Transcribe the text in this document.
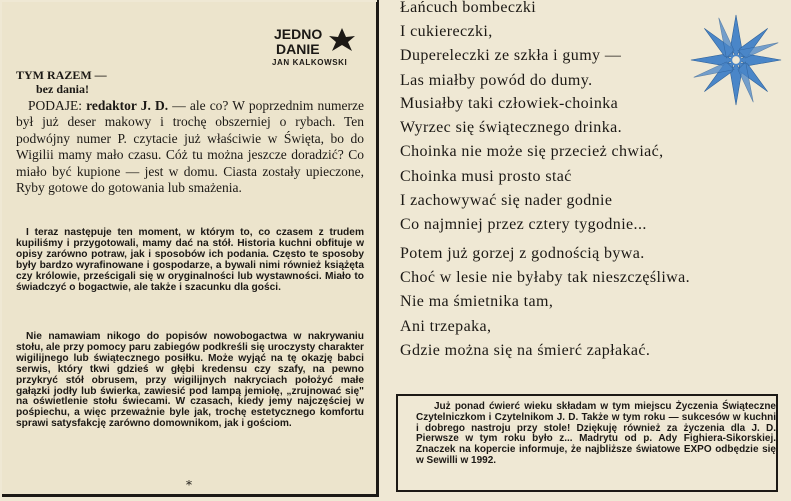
JEDNO
DANIE
JAN KALKOWSKI
TYM RAZEM —
bez dania!

PODAJE: redaktor J. D. — ale co? W poprzednim numerze był już deser makowy i trochę obszerniej o rybach. Ten podwójny numer P. czytacie już właściwie w Święta, bo do Wigilii mamy mało czasu. Cóż tu można jeszcze doradzić? Co miało być kupione — jest w domu. Ciasta zostały upieczone, Ryby gotowe do gotowania lub smażenia.

I teraz następuje ten moment, w którym to, co czasem z trudem kupiliśmy i przygotowali, mamy dać na stół. Historia kuchni obfituje w opisy zarówno potraw, jak i sposobów ich podania. Często te sposoby były bardzo wyrafinowane i gospodarze, a bywali nimi również książęta czy królowie, prześcigali się w oryginalności lub wystawności. Miało to świadczyć o bogactwie, ale także i szacunku dla gości.

Nie namawiam nikogo do popisów nowobogactwa w nakrywaniu stołu, ale przy pomocy paru zabiegów podkreśli się uroczysty charakter wigilijnego lub świątecznego posiłku. Może wyjąć na tę okazję babci serwis, który tkwi gdzieś w głębi kredensu czy szafy, na pewno przykryć stół obrusem, przy wigilijnych nakryciach położyć małe gałązki jodły lub świerka, zawiesić pod lampą jemiołę, „zrujnować się" na oświetlenie stołu świecami. W czasach, kiedy jemy najczęściej w pośpiechu, a więc przeważnie byle jak, trochę estetycznego komfortu sprawi satysfakcję zarówno domownikom, jak i gościom.

*
Łańcuch bombeczki
I cukiereczki,
Dupereleczki ze szkła i gumy —
Las miałby powód do dumy.
Musiałby taki człowiek-choinka
Wyrzec się świątecznego drinka.
Choinka nie może się przecież chwiać,
Choinka musi prosto stać
I zachowywać się nader godnie
Co najmniej przez cztery tygodnie...
Potem już gorzej z godnością bywa.
Choć w lesie nie byłaby tak nieszczęśliwa.
Nie ma śmietnika tam,
Ani trzepaka,
Gdzie można się na śmierć zapłakać.

Już ponad ćwierć wieku składam w tym miejscu Życzenia Świąteczne Czytelniczkom i Czytelnikom J. D. Także w tym roku — sukcesów w kuchni i dobrego nastroju przy stole! Dziękuję również za życzenia dla J. D. Pierwsze w tym roku było z... Madrytu od p. Ady Fighiera-Sikorskiej. Znaczek na kopercie informuje, że najbliższe światowe EXPO odbędzie się w Sewilli w 1992.
